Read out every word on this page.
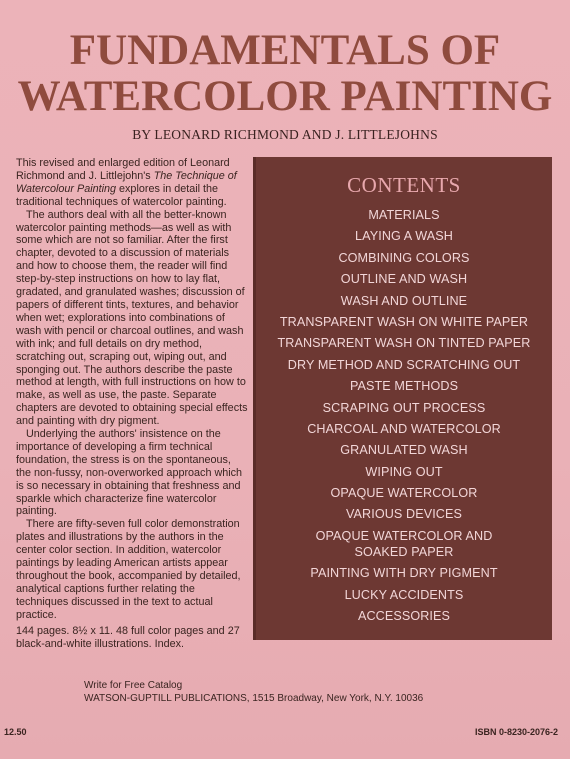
FUNDAMENTALS OF
WATERCOLOR PAINTING
BY LEONARD RICHMOND AND J. LITTLEJOHNS

This revised and enlarged edition of Leonard Richmond and J. Littlejohn's The Technique of Watercolour Painting explores in detail the traditional techniques of watercolor painting.

The authors deal with all the better-known watercolor painting methods—as well as with some which are not so familiar. After the first chapter, devoted to a discussion of materials and how to choose them, the reader will find step-by-step instructions on how to lay flat, gradated, and granulated washes; discussion of papers of different tints, textures, and behavior when wet; explorations into combinations of wash with pencil or charcoal outlines, and wash with ink; and full details on dry method, scratching out, scraping out, wiping out, and sponging out. The authors describe the paste method at length, with full instructions on how to make, as well as use, the paste. Separate chapters are devoted to obtaining special effects and painting with dry pigment.

Underlying the authors' insistence on the importance of developing a firm technical foundation, the stress is on the spontaneous, the non-fussy, non-overworked approach which is so necessary in obtaining that freshness and sparkle which characterize fine watercolor painting.

There are fifty-seven full color demonstration plates and illustrations by the authors in the center color section. In addition, watercolor paintings by leading American artists appear throughout the book, accompanied by detailed, analytical captions further relating the techniques discussed in the text to actual practice.

144 pages. 8½ x 11. 48 full color pages and 27 black-and-white illustrations. Index.

CONTENTS
MATERIALS
LAYING A WASH
COMBINING COLORS
OUTLINE AND WASH
WASH AND OUTLINE
TRANSPARENT WASH ON WHITE PAPER
TRANSPARENT WASH ON TINTED PAPER
DRY METHOD AND SCRATCHING OUT
PASTE METHODS
SCRAPING OUT PROCESS
CHARCOAL AND WATERCOLOR
GRANULATED WASH
WIPING OUT
OPAQUE WATERCOLOR
VARIOUS DEVICES
OPAQUE WATERCOLOR AND
SOAKED PAPER
PAINTING WITH DRY PIGMENT
LUCKY ACCIDENTS
ACCESSORIES
Write for Free Catalog
WATSON-GUPTILL PUBLICATIONS, 1515 Broadway, New York, N.Y. 10036
12.50	ISBN 0-8230-2076-2
